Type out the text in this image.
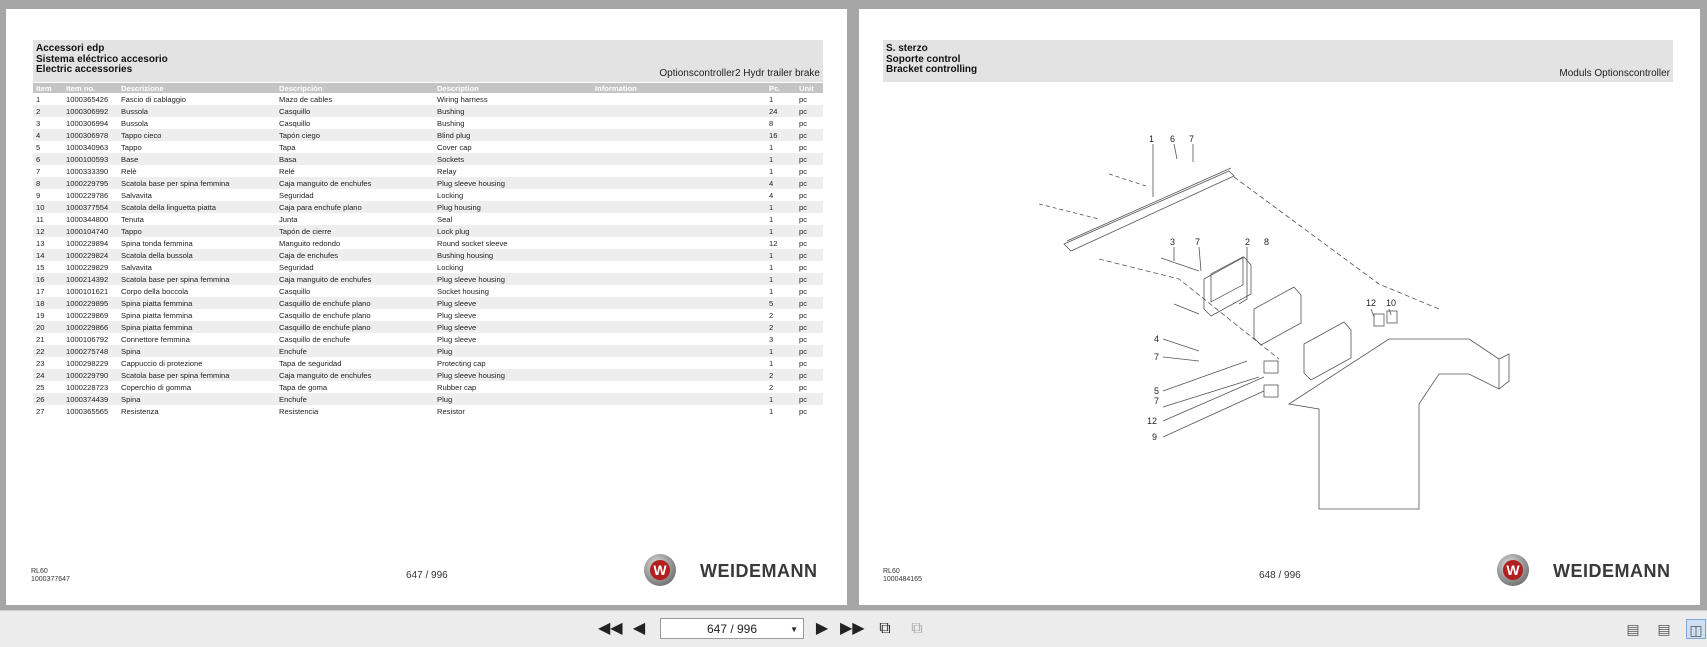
Accessori edp
Sistema eléctrico accesorio
Electric accessories	Optionscontroller2 Hydr trailer brake
Item	Item no.	Descrizione	Descripción	Description	Information	Pc.	Unit
1	1000365426	Fascio di cablaggio	Mazo de cables	Wiring harness		1	pc
2	1000306992	Bussola	Casquillo	Bushing		24	pc
3	1000306994	Bussola	Casquillo	Bushing		8	pc
4	1000306978	Tappo cieco	Tapón ciego	Blind plug		16	pc
5	1000340963	Tappo	Tapa	Cover cap		1	pc
6	1000100593	Base	Basa	Sockets		1	pc
7	1000333390	Relè	Relé	Relay		1	pc
8	1000229795	Scatola base per spina femmina	Caja manguito de enchufes	Plug sleeve housing		4	pc
9	1000229786	Salvavita	Seguridad	Locking		4	pc
10	1000377554	Scatola della linguetta piatta	Caja para enchufe plano	Plug housing		1	pc
11	1000344800	Tenuta	Junta	Seal		1	pc
12	1000104740	Tappo	Tapón de cierre	Lock plug		1	pc
13	1000229894	Spina tonda femmina	Manguito redondo	Round socket sleeve		12	pc
14	1000229824	Scatola della bussola	Caja de enchufes	Bushing housing		1	pc
15	1000229829	Salvavita	Seguridad	Locking		1	pc
16	1000214392	Scatola base per spina femmina	Caja manguito de enchufes	Plug sleeve housing		1	pc
17	1000101621	Corpo della boccola	Casquillo	Socket housing		1	pc
18	1000229895	Spina piatta femmina	Casquillo de enchufe plano	Plug sleeve		5	pc
19	1000229869	Spina piatta femmina	Casquillo de enchufe plano	Plug sleeve		2	pc
20	1000229866	Spina piatta femmina	Casquillo de enchufe plano	Plug sleeve		2	pc
21	1000106792	Connettore femmina	Casquillo de enchufe	Plug sleeve		3	pc
22	1000275748	Spina	Enchufe	Plug		1	pc
23	1000298229	Cappuccio di protezione	Tapa de seguridad	Protecting cap		1	pc
24	1000229790	Scatola base per spina femmina	Caja manguito de enchufes	Plug sleeve housing		2	pc
25	1000228723	Coperchio di gomma	Tapa de goma	Rubber cap		2	pc
26	1000374439	Spina	Enchufe	Plug		1	pc
27	1000365565	Resistenza	Resistencia	Resistor		1	pc
RL60
1000377647	647 / 996	W WEIDEMANN
S. sterzo
Soporte control
Bracket controlling	Moduls Optionscontroller
1 6 7
3 7	2 8
4
7
5
7
12
9
12 10
RL60
1000484165	648 / 996	W WEIDEMANN
◀◀ ◀	647 / 996	▼	▶ ▶▶ ⧉	⧉	▤ ▤ ◫
